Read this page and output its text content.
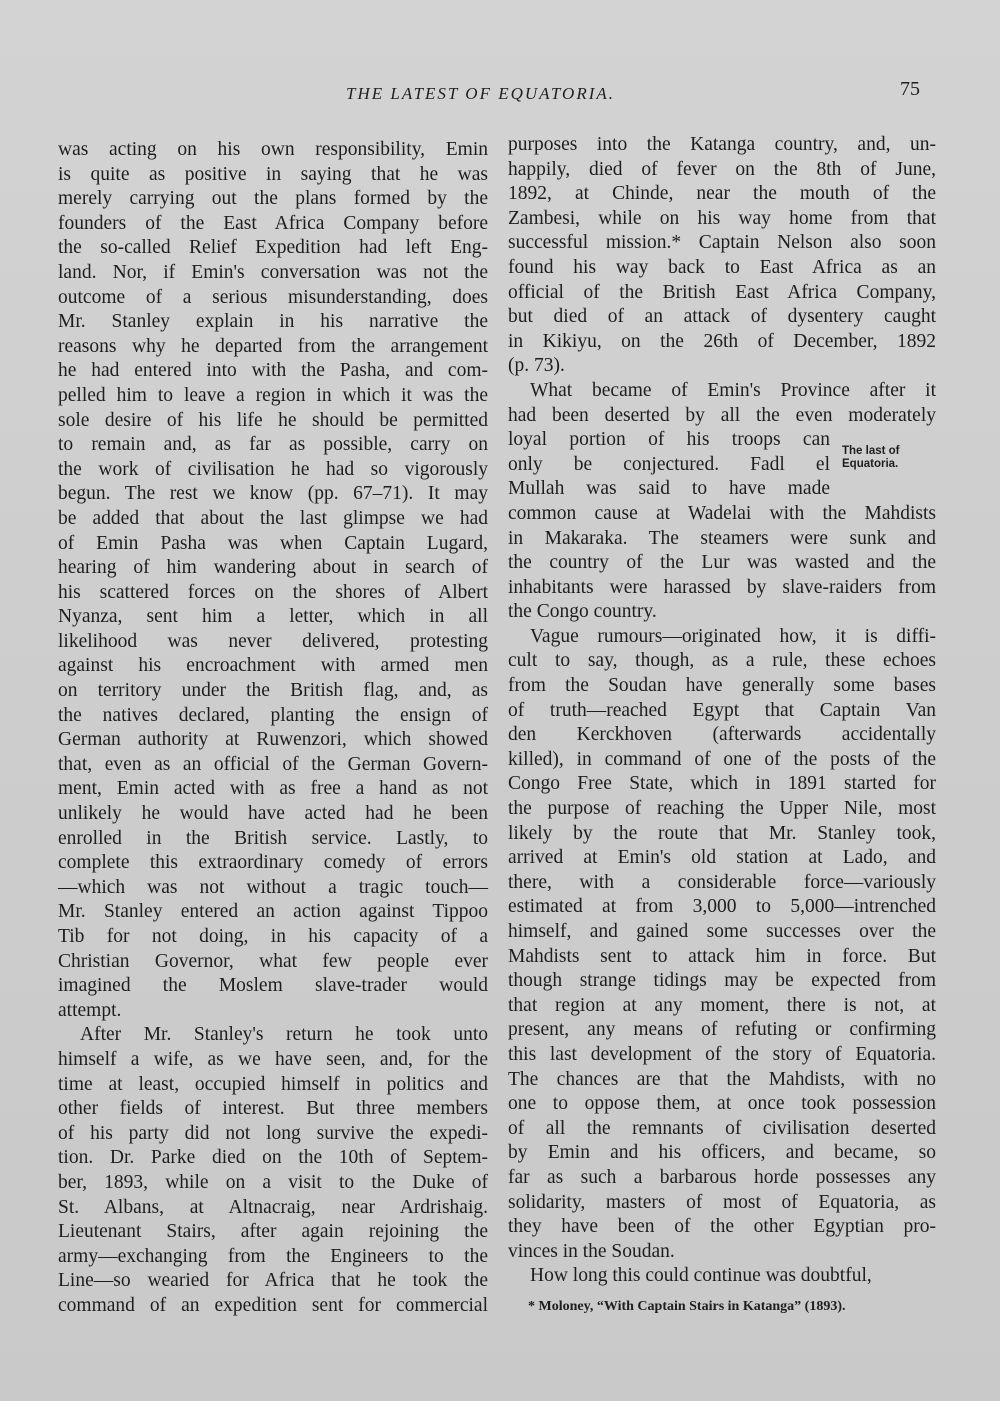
THE LATEST OF EQUATORIA.	75
was acting on his own responsibility, Emin
is quite as positive in saying that he was
merely carrying out the plans formed by the
founders of the East Africa Company before
the so-called Relief Expedition had left Eng-
land. Nor, if Emin's conversation was not the
outcome of a serious misunderstanding, does
Mr. Stanley explain in his narrative the
reasons why he departed from the arrangement
he had entered into with the Pasha, and com-
pelled him to leave a region in which it was the
sole desire of his life he should be permitted
to remain and, as far as possible, carry on
the work of civilisation he had so vigorously
begun. The rest we know (pp. 67–71). It may
be added that about the last glimpse we had
of Emin Pasha was when Captain Lugard,
hearing of him wandering about in search of
his scattered forces on the shores of Albert
Nyanza, sent him a letter, which in all
likelihood was never delivered, protesting
against his encroachment with armed men
on territory under the British flag, and, as
the natives declared, planting the ensign of
German authority at Ruwenzori, which showed
that, even as an official of the German Govern-
ment, Emin acted with as free a hand as not
unlikely he would have acted had he been
enrolled in the British service. Lastly, to
complete this extraordinary comedy of errors
—which was not without a tragic touch—
Mr. Stanley entered an action against Tippoo
Tib for not doing, in his capacity of a
Christian Governor, what few people ever
imagined the Moslem slave-trader would
attempt.
After Mr. Stanley's return he took unto
himself a wife, as we have seen, and, for the
time at least, occupied himself in politics and
other fields of interest. But three members
of his party did not long survive the expedi-
tion. Dr. Parke died on the 10th of Septem-
ber, 1893, while on a visit to the Duke of
St. Albans, at Altnacraig, near Ardrishaig.
Lieutenant Stairs, after again rejoining the
army—exchanging from the Engineers to the
Line—so wearied for Africa that he took the
command of an expedition sent for commercial
purposes into the Katanga country, and, un-
happily, died of fever on the 8th of June,
1892, at Chinde, near the mouth of the
Zambesi, while on his way home from that
successful mission.* Captain Nelson also soon
found his way back to East Africa as an
official of the British East Africa Company,
but died of an attack of dysentery caught
in Kikiyu, on the 26th of December, 1892
(p. 73).
What became of Emin's Province after it
had been deserted by all the even moderately
loyal portion of his troops can
only be conjectured. Fadl el
Mullah was said to have made
common cause at Wadelai with the Mahdists
in Makaraka. The steamers were sunk and
the country of the Lur was wasted and the
inhabitants were harassed by slave-raiders from
the Congo country.
Vague rumours—originated how, it is diffi-
cult to say, though, as a rule, these echoes
from the Soudan have generally some bases
of truth—reached Egypt that Captain Van
den Kerckhoven (afterwards accidentally
killed), in command of one of the posts of the
Congo Free State, which in 1891 started for
the purpose of reaching the Upper Nile, most
likely by the route that Mr. Stanley took,
arrived at Emin's old station at Lado, and
there, with a considerable force—variously
estimated at from 3,000 to 5,000—intrenched
himself, and gained some successes over the
Mahdists sent to attack him in force. But
though strange tidings may be expected from
that region at any moment, there is not, at
present, any means of refuting or confirming
this last development of the story of Equatoria.
The chances are that the Mahdists, with no
one to oppose them, at once took possession
of all the remnants of civilisation deserted
by Emin and his officers, and became, so
far as such a barbarous horde possesses any
solidarity, masters of most of Equatoria, as
they have been of the other Egyptian pro-
vinces in the Soudan.
How long this could continue was doubtful,
The last of
Equatoria.
* Moloney, “With Captain Stairs in Katanga” (1893).
